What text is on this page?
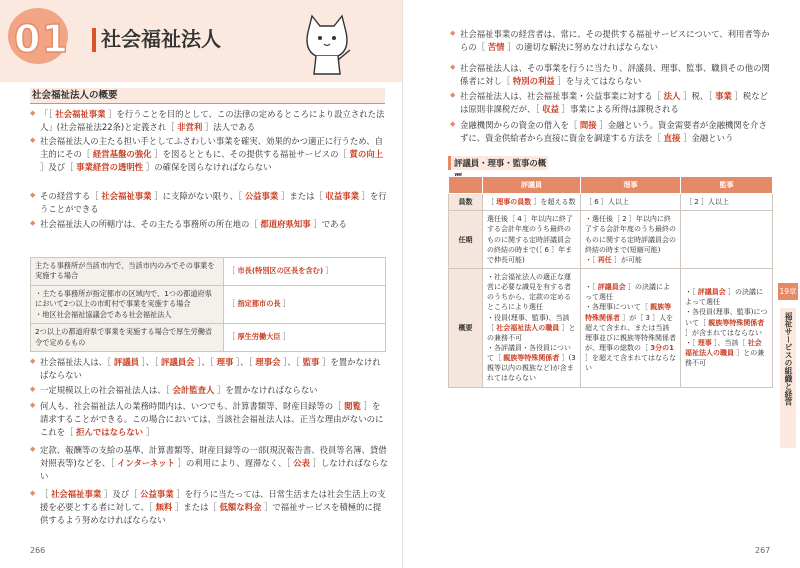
01 社会福祉法人
社会福祉法人の概要
◆ 「［ 社会福祉事業 ］を行うことを目的として、この法律の定めるところにより設立された法人」(社会福祉法22条)と定義され［ 非営利 ］法人である
◆ 社会福祉法人の主たる担い手としてふさわしい事業を確実、効果的かつ適正に行うため、自主的にその［ 経営基盤の強化 ］を図るとともに、その提供する福祉サービスの［ 質の向上 ］及び［ 事業経営の透明性 ］の確保を図らなければならない
◆ その経営する［ 社会福祉事業 ］に支障がない限り、［ 公益事業 ］または［ 収益事業 ］を行うことができる
◆ 社会福祉法人の所轄庁は、その主たる事務所の所在地の［ 都道府県知事 ］である
主たる事務所が当該市内で、当該市内のみでその事業を実施する場合	［ 市長(特別区の区長を含む) ］
・主たる事務所が指定都市の区域内で、1つの都道府県において2つ以上の市町村で事業を実施する場合
・地区社会福祉協議会である社会福祉法人	［ 指定都市の長 ］
2つ以上の都道府県で事業を実施する場合で厚生労働省令で定めるもの	［ 厚生労働大臣 ］
◆ 社会福祉法人は、［ 評議員 ］、［ 評議員会 ］、［ 理事 ］、［ 理事会 ］、［ 監事 ］を置かなければならない
◆ 一定規模以上の社会福祉法人は、［ 会計監査人 ］を置かなければならない
◆ 何人も、社会福祉法人の業務時間内は、いつでも、計算書類等、財産目録等の［ 閲覧 ］を請求することができる。この場合においては、当該社会福祉法人は、正当な理由がないのにこれを［ 拒んではならない ］
◆ 定款、報酬等の支給の基準、計算書類等、財産目録等の一部(現況報告書、役員等名簿、貸借対照表等)などを、［ インターネット ］の利用により、遅滞なく、［ 公表 ］しなければならない
◆ ［ 社会福祉事業 ］及び［ 公益事業 ］を行うに当たっては、日常生活または社会生活上の支援を必要とする者に対して、［ 無料 ］または［ 低額な料金 ］で福祉サービスを積極的に提供するよう努めなければならない
266
◆ 社会福祉事業の経営者は、常に、その提供する福祉サービスについて、利用者等からの［ 苦情 ］の適切な解決に努めなければならない
◆ 社会福祉法人は、その事業を行うに当たり、評議員、理事、監事、職員その他の関係者に対し［ 特別の利益 ］を与えてはならない
◆ 社会福祉法人は、社会福祉事業・公益事業に対する［ 法人 ］税、［ 事業 ］税などは原則非課税だが、［ 収益 ］事業による所得は課税される
◆ 金融機関からの資金の借入を［ 間接 ］金融という。資金需要者が金融機関を介さずに、資金供給者から直接に資金を調達する方法を［ 直接 ］金融という
評議員・理事・監事の概
	評議員	理事	監事
員数	［ 理事の員数 ］を超える数	［ 6 ］人以上	［ 2 ］人以上
任期	選任後［ 4 ］年以内に終了する会計年度のうち最終のものに関する定時評議員会の終結の時まで(［ 6 ］年まで伸長可能)	・選任後［ 2 ］年以内に終了する会計年度のうち最終のものに関する定時評議員会の終結の時まで(短縮可能)
・［ 再任 ］が可能	
概要	・社会福祉法人の適正な運営に必要な識見を有する者のうちから、定款の定めるところにより選任
・役員(理事、監事)、当該［ 社会福祉法人の職員 ］との兼務不可
・各評議員・各役員について［ 親族等特殊関係者 ］(3親等以内の親族など)が含まれてはならない	・［ 評議員会 ］の決議によって選任
・各理事について［ 親族等特殊関係者 ］が［ 3 ］人を超えて含まれ、または当該理事並びに親族等特殊関係者が、理事の総数の［ 3分の1 ］を超えて含まれてはならない	・［ 評議員会 ］の決議によって選任
・各役員(理事、監事)について［ 親族等特殊関係者 ］が含まれてはならない
・［ 理事 ］、当該［ 社会福祉法人の職員 ］との兼務不可
19章
福祉サービスの組織と経営
267
